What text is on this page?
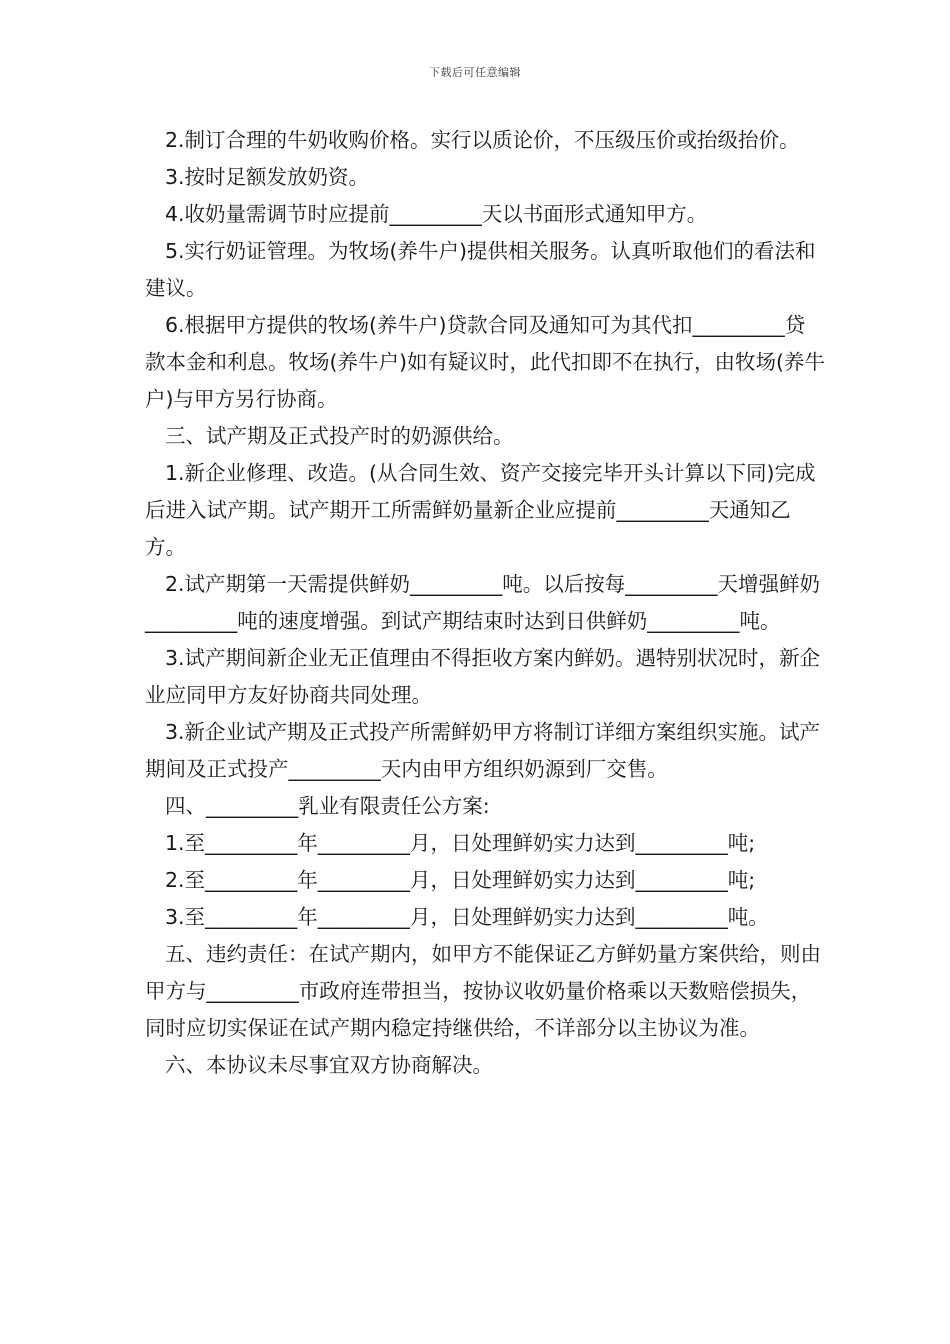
下载后可任意编辑

2.制订合理的牛奶收购价格。实行以质论价，不压级压价或抬级抬价。

3.按时足额发放奶资。

4.收奶量需调节时应提前_________天以书面形式通知甲方。

5.实行奶证管理。为牧场(养牛户)提供相关服务。认真听取他们的看法和建议。

6.根据甲方提供的牧场(养牛户)贷款合同及通知可为其代扣_________贷款本金和利息。牧场(养牛户)如有疑议时，此代扣即不在执行，由牧场(养牛户)与甲方另行协商。

三、试产期及正式投产时的奶源供给。

1.新企业修理、改造。(从合同生效、资产交接完毕开头计算以下同)完成后进入试产期。试产期开工所需鲜奶量新企业应提前_________天通知乙方。

2.试产期第一天需提供鲜奶_________吨。以后按每_________天增强鲜奶_________吨的速度增强。到试产期结束时达到日供鲜奶_________吨。

3.试产期间新企业无正值理由不得拒收方案内鲜奶。遇特别状况时，新企业应同甲方友好协商共同处理。

3.新企业试产期及正式投产所需鲜奶甲方将制订详细方案组织实施。试产期间及正式投产_________天内由甲方组织奶源到厂交售。

四、_________乳业有限责任公方案:

1.至_________年_________月，日处理鲜奶实力达到_________吨;

2.至_________年_________月，日处理鲜奶实力达到_________吨;

3.至_________年_________月，日处理鲜奶实力达到_________吨。

五、违约责任：在试产期内，如甲方不能保证乙方鲜奶量方案供给，则由甲方与_________市政府连带担当，按协议收奶量价格乘以天数赔偿损失，同时应切实保证在试产期内稳定持继供给，不详部分以主协议为准。

六、本协议未尽事宜双方协商解决。
